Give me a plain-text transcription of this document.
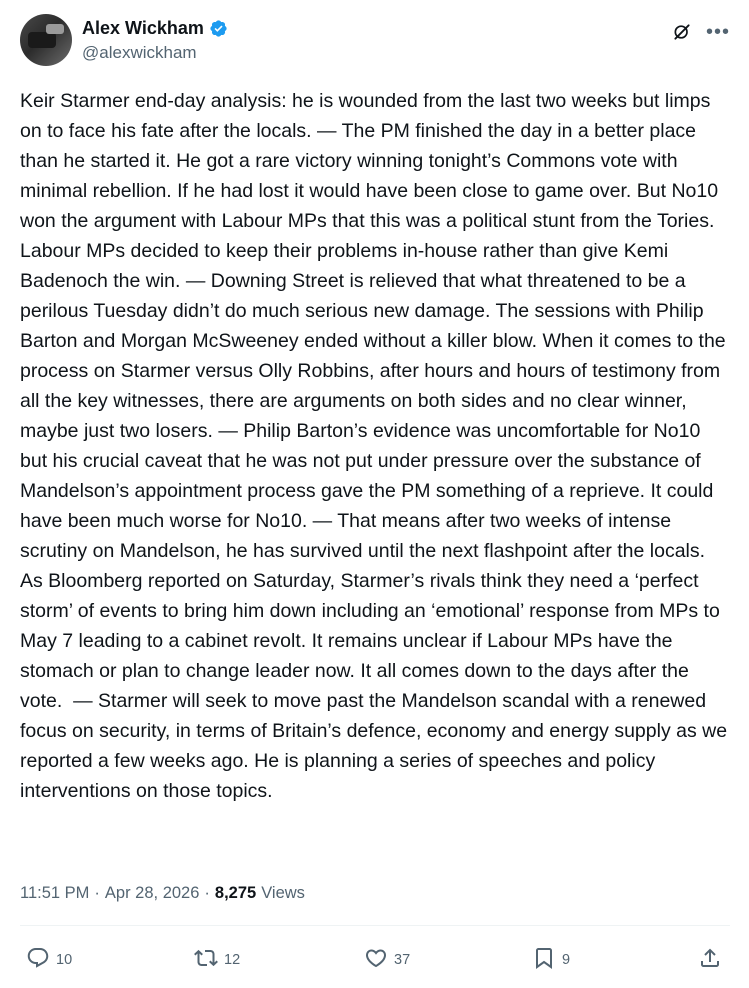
Alex Wickham
@alexwickham
•••
Keir Starmer end-day analysis: he is wounded from the last two weeks but limps on to face his fate after the locals. — The PM finished the day in a better place than he started it. He got a rare victory winning tonight’s Commons vote with minimal rebellion. If he had lost it would have been close to game over. But No10 won the argument with Labour MPs that this was a political stunt from the Tories. Labour MPs decided to keep their problems in-house rather than give Kemi Badenoch the win. — Downing Street is relieved that what threatened to be a perilous Tuesday didn’t do much serious new damage. The sessions with Philip Barton and Morgan McSweeney ended without a killer blow. When it comes to the process on Starmer versus Olly Robbins, after hours and hours of testimony from all the key witnesses, there are arguments on both sides and no clear winner, maybe just two losers. — Philip Barton’s evidence was uncomfortable for No10 but his crucial caveat that he was not put under pressure over the substance of Mandelson’s appointment process gave the PM something of a reprieve. It could have been much worse for No10. — That means after two weeks of intense scrutiny on Mandelson, he has survived until the next flashpoint after the locals. As Bloomberg reported on Saturday, Starmer’s rivals think they need a ‘perfect storm’ of events to bring him down including an ‘emotional’ response from MPs to May 7 leading to a cabinet revolt. It remains unclear if Labour MPs have the stomach or plan to change leader now. It all comes down to the days after the vote.  — Starmer will seek to move past the Mandelson scandal with a renewed focus on security, in terms of Britain’s defence, economy and energy supply as we reported a few weeks ago. He is planning a series of speeches and policy interventions on those topics.
11:51 PM · Apr 28, 2026 · 8,275 Views
10	12	37	9
